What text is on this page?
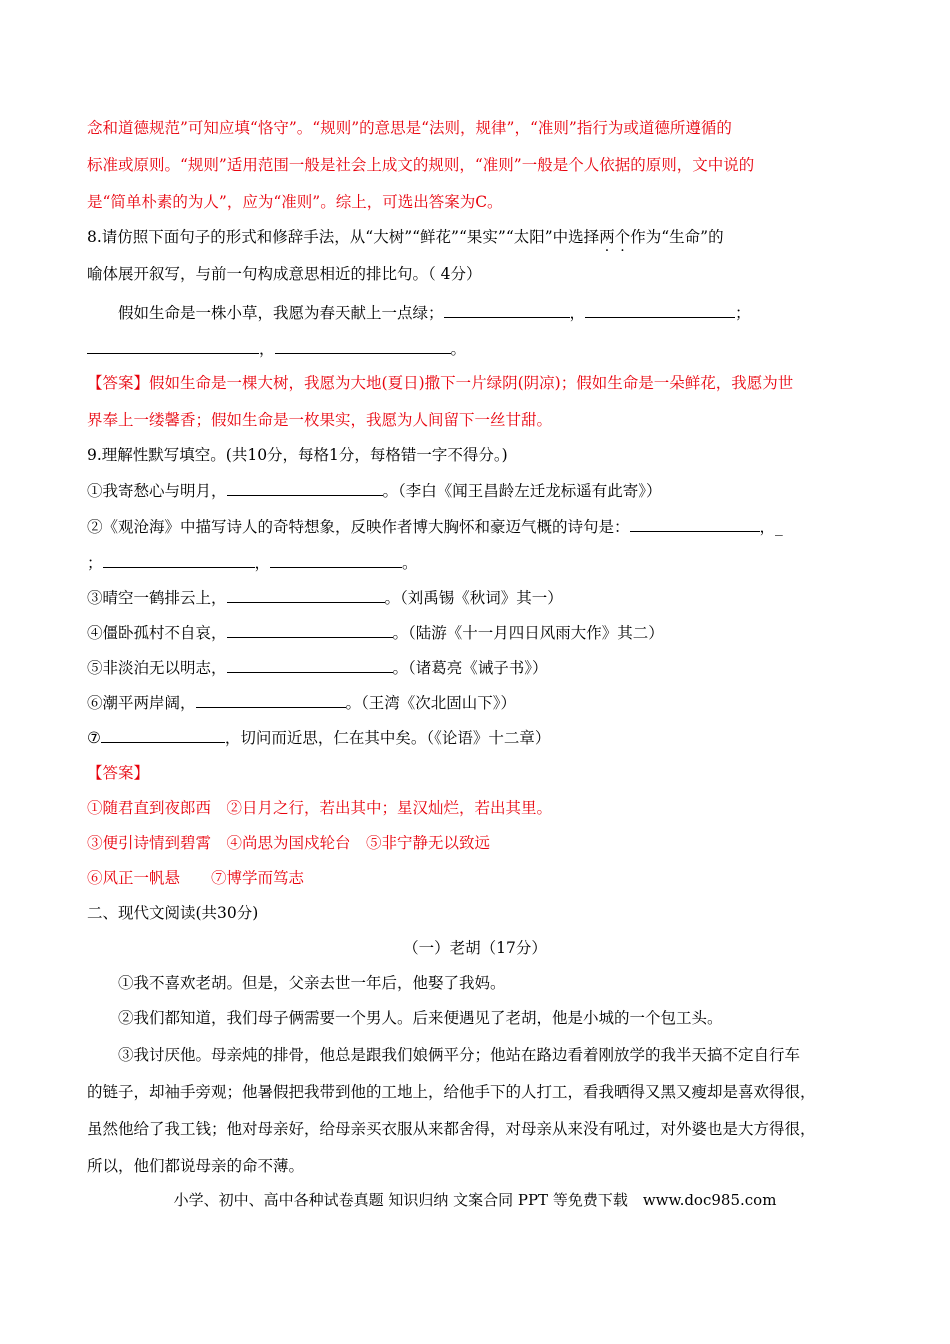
念和道德规范”可知应填“恪守”。“规则”的意思是“法则，规律”，“准则”指行为或道德所遵循的
标准或原则。“规则”适用范围一般是社会上成文的规则，“准则”一般是个人依据的原则，文中说的
是“简单朴素的为人”，应为“准则”。综上，可选出答案为C。
8.请仿照下面句子的形式和修辞手法，从“大树”“鲜花”“果实”“太阳”中选择两个作为“生命”的
喻体展开叙写，与前一句构成意思相近的排比句。（ 4分）
假如生命是一株小草，我愿为春天献上一点绿；	，	；
，	。
【答案】假如生命是一棵大树，我愿为大地(夏日)撒下一片绿阴(阴凉)；假如生命是一朵鲜花，我愿为世
界奉上一缕馨香；假如生命是一枚果实，我愿为人间留下一丝甘甜。
9.理解性默写填空。(共10分，每格1分，每格错一字不得分。)
①我寄愁心与明月，	。（李白《闻王昌龄左迁龙标遥有此寄》）
②《观沧海》中描写诗人的奇特想象，反映作者博大胸怀和豪迈气概的诗句是：	，_
；	，	。
③晴空一鹤排云上，	。（刘禹锡《秋词》其一）
④僵卧孤村不自哀，	。（陆游《十一月四日风雨大作》其二）
⑤非淡泊无以明志，	。（诸葛亮《诫子书》）
⑥潮平两岸阔，	。（王湾《次北固山下》）
⑦	，切问而近思，仁在其中矣。（《论语》十二章）
【答案】
①随君直到夜郎西　②日月之行，若出其中；星汉灿烂，若出其里。
③便引诗情到碧霄　④尚思为国戍轮台　⑤非宁静无以致远
⑥风正一帆悬　　⑦博学而笃志
二、现代文阅读(共30分)
（一）老胡（17分）
①我不喜欢老胡。但是，父亲去世一年后，他娶了我妈。
②我们都知道，我们母子俩需要一个男人。后来便遇见了老胡，他是小城的一个包工头。
③我讨厌他。母亲炖的排骨，他总是跟我们娘俩平分；他站在路边看着刚放学的我半天搞不定自行车
的链子，却袖手旁观；他暑假把我带到他的工地上，给他手下的人打工，看我晒得又黑又瘦却是喜欢得很，
虽然他给了我工钱；他对母亲好，给母亲买衣服从来都舍得，对母亲从来没有吼过，对外婆也是大方得很，
所以，他们都说母亲的命不薄。
小学、初中、高中各种试卷真题 知识归纳 文案合同 PPT 等免费下载　www.doc985.com
